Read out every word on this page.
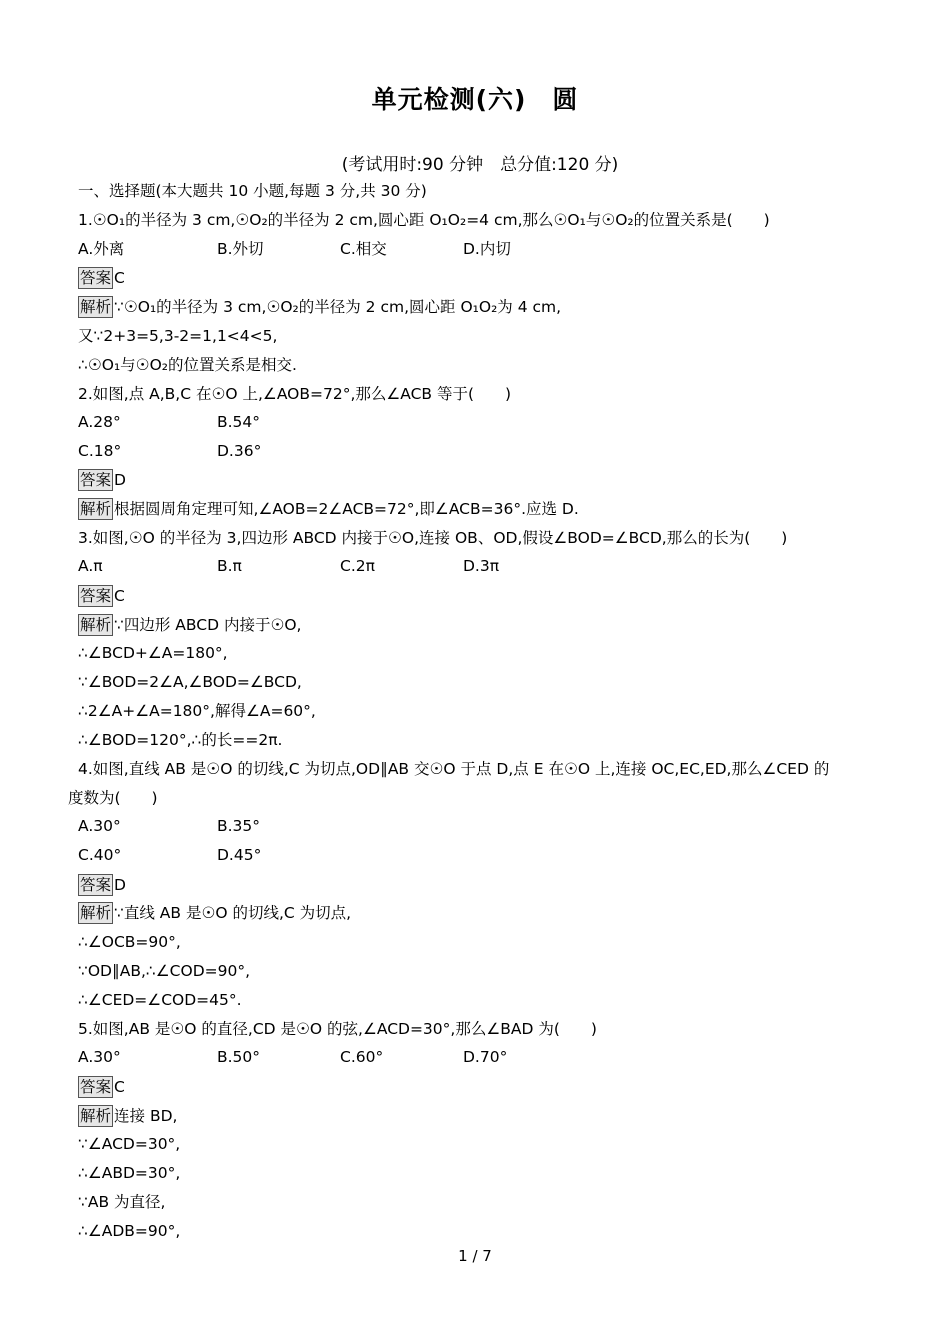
单元检测(六)　圆
(考试用时:90 分钟　总分值:120 分)
一、选择题(本大题共 10 小题,每题 3 分,共 30 分)
1.☉O₁的半径为 3 cm,☉O₂的半径为 2 cm,圆心距 O₁O₂=4 cm,那么☉O₁与☉O₂的位置关系是(　　)
A.外离	B.外切	C.相交	D.内切
答案 C
解析 ∵☉O₁的半径为 3 cm,☉O₂的半径为 2 cm,圆心距 O₁O₂为 4 cm,
又∵2+3=5,3-2=1,1<4<5,
∴☉O₁与☉O₂的位置关系是相交.
2.如图,点 A,B,C 在☉O 上,∠AOB=72°,那么∠ACB 等于(　　)
A.28°	B.54°
C.18°	D.36°
答案 D
解析 根据圆周角定理可知,∠AOB=2∠ACB=72°,即∠ACB=36°.应选 D.
3.如图,☉O 的半径为 3,四边形 ABCD 内接于☉O,连接 OB、OD,假设∠BOD=∠BCD,那么的长为(　　)
A.π	B.π	C.2π	D.3π
答案 C
解析 ∵四边形 ABCD 内接于☉O,
∴∠BCD+∠A=180°,
∵∠BOD=2∠A,∠BOD=∠BCD,
∴2∠A+∠A=180°,解得∠A=60°,
∴∠BOD=120°,∴的长==2π.
4.如图,直线 AB 是☉O 的切线,C 为切点,OD∥AB 交☉O 于点 D,点 E 在☉O 上,连接 OC,EC,ED,那么∠CED 的
度数为(　　)
A.30°	B.35°
C.40°	D.45°
答案 D
解析 ∵直线 AB 是☉O 的切线,C 为切点,
∴∠OCB=90°,
∵OD∥AB,∴∠COD=90°,
∴∠CED=∠COD=45°.
5.如图,AB 是☉O 的直径,CD 是☉O 的弦,∠ACD=30°,那么∠BAD 为(　　)
A.30°	B.50°	C.60°	D.70°
答案 C
解析 连接 BD,
∵∠ACD=30°,
∴∠ABD=30°,
∵AB 为直径,
∴∠ADB=90°,
1 / 7
